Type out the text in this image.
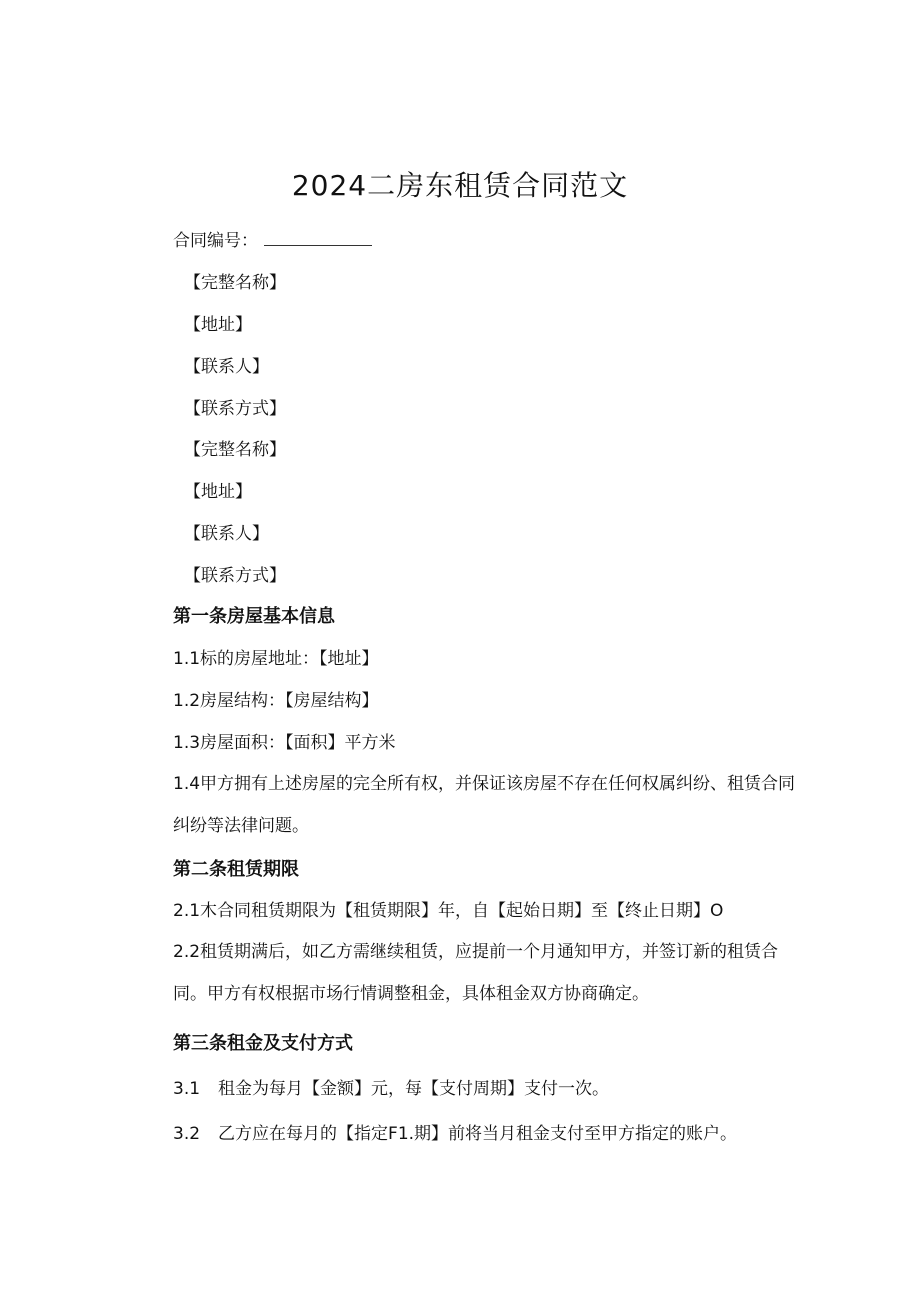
2024二房东租赁合同范文
合同编号：
【完整名称】
【地址】
【联系人】
【联系方式】
【完整名称】
【地址】
【联系人】
【联系方式】
第一条房屋基本信息
1.1标的房屋地址：【地址】
1.2房屋结构：【房屋结构】
1.3房屋面积：【面积】平方米
1.4甲方拥有上述房屋的完全所有权，并保证该房屋不存在任何权属纠纷、租赁合同纠纷等法律问题。
第二条租赁期限
2.1木合同租赁期限为【租赁期限】年，自【起始日期】至【终止日期】O
2.2租赁期满后，如乙方需继续租赁，应提前一个月通知甲方，并签订新的租赁合同。甲方有权根据市场行情调整租金，具体租金双方协商确定。
第三条租金及支付方式
3.1 租金为每月【金额】元，每【支付周期】支付一次。
3.2 乙方应在每月的【指定F1.期】前将当月租金支付至甲方指定的账户。
